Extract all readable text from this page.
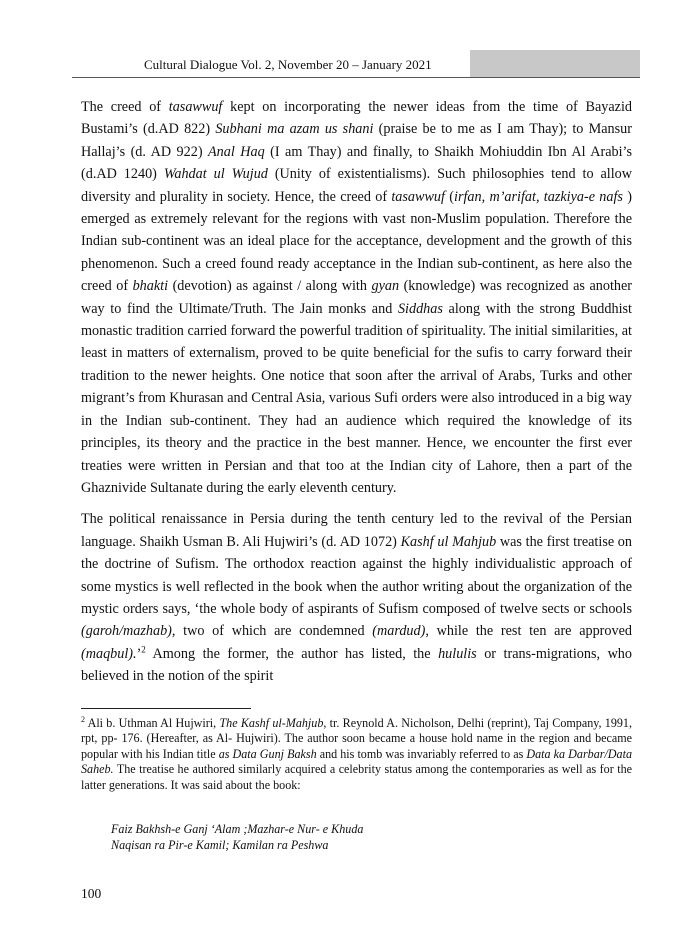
Cultural Dialogue Vol. 2, November 20 – January 2021

The creed of tasawwuf kept on incorporating the newer ideas from the time of Bayazid Bustami’s (d.AD 822) Subhani ma azam us shani (praise be to me as I am Thay); to Mansur Hallaj’s (d. AD 922) Anal Haq (I am Thay) and finally, to Shaikh Mohiuddin Ibn Al Arabi’s (d.AD 1240) Wahdat ul Wujud (Unity of existentialisms). Such philosophies tend to allow diversity and plurality in society. Hence, the creed of tasawwuf (irfan, m’arifat, tazkiya-e nafs ) emerged as extremely relevant for the regions with vast non-Muslim population. Therefore the Indian sub-continent was an ideal place for the acceptance, development and the growth of this phenomenon. Such a creed found ready acceptance in the Indian sub-continent, as here also the creed of bhakti (devotion) as against / along with gyan (knowledge) was recognized as another way to find the Ultimate/Truth. The Jain monks and Siddhas along with the strong Buddhist monastic tradition carried forward the powerful tradition of spirituality. The initial similarities, at least in matters of externalism, proved to be quite beneficial for the sufis to carry forward their tradition to the newer heights. One notice that soon after the arrival of Arabs, Turks and other migrant’s from Khurasan and Central Asia, various Sufi orders were also introduced in a big way in the Indian sub-continent. They had an audience which required the knowledge of its principles, its theory and the practice in the best manner. Hence, we encounter the first ever treaties were written in Persian and that too at the Indian city of Lahore, then a part of the Ghaznivide Sultanate during the early eleventh century.

The political renaissance in Persia during the tenth century led to the revival of the Persian language. Shaikh Usman B. Ali Hujwiri’s (d. AD 1072) Kashf ul Mahjub was the first treatise on the doctrine of Sufism. The orthodox reaction against the highly individualistic approach of some mystics is well reflected in the book when the author writing about the organization of the mystic orders says, ‘the whole body of aspirants of Sufism composed of twelve sects or schools (garoh/mazhab), two of which are condemned (mardud), while the rest ten are approved (maqbul).’$^2$ Among the former, the author has listed, the hululis or trans-migrations, who believed in the notion of the spirit

$^2$ Ali b. Uthman Al Hujwiri, The Kashf ul-Mahjub, tr. Reynold A. Nicholson, Delhi (reprint), Taj Company, 1991, rpt, pp- 176. (Hereafter, as Al- Hujwiri). The author soon became a house hold name in the region and became popular with his Indian title as Data Gunj Baksh and his tomb was invariably referred to as Data ka Darbar/Data Saheb. The treatise he authored similarly acquired a celebrity status among the contemporaries as well as for the latter generations. It was said about the book:
Faiz Bakhsh-e Ganj ‘Alam ;Mazhar-e Nur- e Khuda
Naqisan ra Pir-e Kamil; Kamilan ra Peshwa
100
